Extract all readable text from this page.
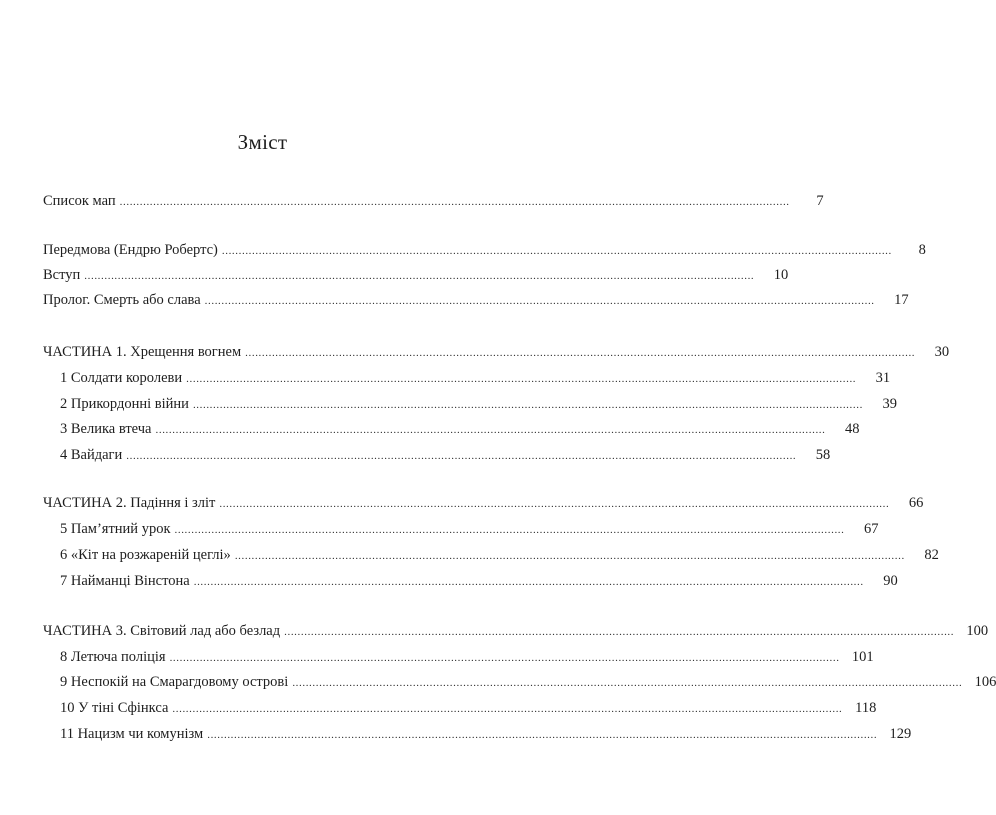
Зміст
Список мап ........................................................................................................................................................................................................	7
Передмова (Ендрю Робертс) ........................................................................................................................................................................................................	8
Вступ ........................................................................................................................................................................................................	10
Пролог. Смерть або слава ........................................................................................................................................................................................................	17
ЧАСТИНА 1. Хрещення вогнем ........................................................................................................................................................................................................	30
1 Солдати королеви ........................................................................................................................................................................................................	31
2 Прикордонні війни ........................................................................................................................................................................................................	39
3 Велика втеча ........................................................................................................................................................................................................	48
4 Вайдаги ........................................................................................................................................................................................................	58
ЧАСТИНА 2. Падіння і зліт ........................................................................................................................................................................................................	66
5 Пам’ятний урок ........................................................................................................................................................................................................	67
6 «Кіт на розжареній цеглі» ........................................................................................................................................................................................................	82
7 Найманці Вінстона ........................................................................................................................................................................................................	90
ЧАСТИНА 3. Світовий лад або безлад ........................................................................................................................................................................................................ 100
8 Летюча поліція ........................................................................................................................................................................................................ 101
9 Неспокій на Смарагдовому острові ........................................................................................................................................................................................................ 106
10 У тіні Сфінкса ........................................................................................................................................................................................................ 118
11 Нацизм чи комунізм ........................................................................................................................................................................................................ 129
